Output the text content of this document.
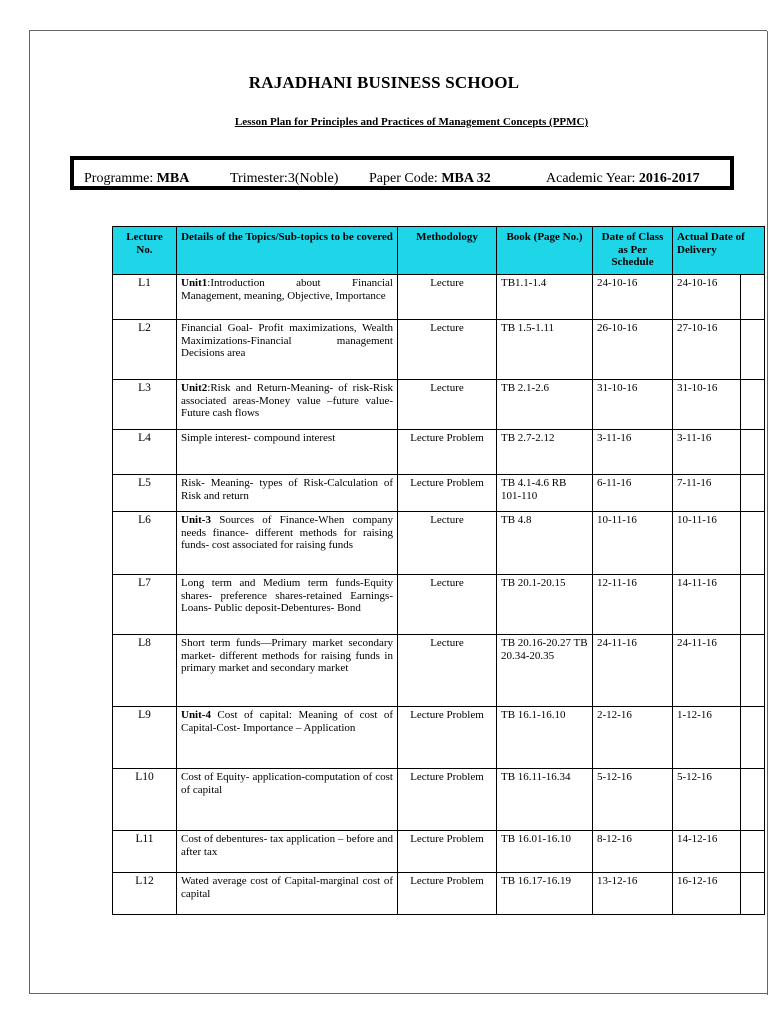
RAJADHANI BUSINESS SCHOOL
Lesson Plan for Principles and Practices of Management Concepts (PPMC)
Programme: MBA	Trimester:3(Noble) Paper Code: MBA 32	Academic Year: 2016-2017
Lecture No.	Details of the Topics/Sub-topics to be covered	Methodology	Book (Page No.)	Date of Class as Per Schedule	Actual Date of Delivery	
L1	Unit1:Introduction about Financial Management, meaning, Objective, Importance	Lecture	TB1.1-1.4	24-10-16	24-10-16	
L2	Financial Goal- Profit maximizations, Wealth Maximizations-Financial management Decisions area	Lecture	TB 1.5-1.11	26-10-16	27-10-16	
L3	Unit2:Risk and Return-Meaning- of risk-Risk associated areas-Money value –future value-Future cash flows	Lecture	TB 2.1-2.6	31-10-16	31-10-16	
L4	Simple interest- compound interest	Lecture Problem	TB 2.7-2.12	3-11-16	3-11-16	
L5	Risk- Meaning- types of Risk-Calculation of Risk and return	Lecture Problem	TB 4.1-4.6 RB 101-110	6-11-16	7-11-16	
L6	Unit-3 Sources of Finance-When company needs finance- different methods for raising funds- cost associated for raising funds	Lecture	TB 4.8	10-11-16	10-11-16	
L7	Long term and Medium term funds-Equity shares- preference shares-retained Earnings-Loans- Public deposit-Debentures- Bond	Lecture	TB 20.1-20.15	12-11-16	14-11-16	
L8	Short term funds—Primary market secondary market- different methods for raising funds in primary market and secondary market	Lecture	TB 20.16-20.27 TB 20.34-20.35	24-11-16	24-11-16	
L9	Unit-4 Cost of capital: Meaning of cost of Capital-Cost- Importance – Application	Lecture Problem	TB 16.1-16.10	2-12-16	1-12-16	
L10	Cost of Equity- application-computation of cost of capital	Lecture Problem	TB 16.11-16.34	5-12-16	5-12-16	
L11	Cost of debentures- tax application – before and after tax	Lecture Problem	TB 16.01-16.10	8-12-16	14-12-16	
L12	Wated average cost of Capital-marginal cost of capital	Lecture Problem	TB 16.17-16.19	13-12-16	16-12-16	
